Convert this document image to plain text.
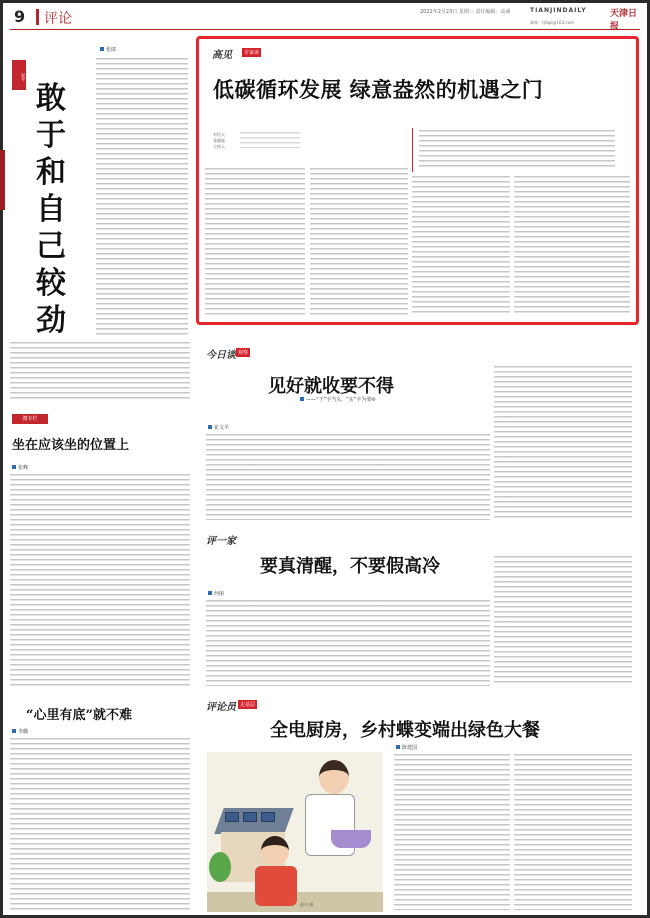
9 评论	2022年2月23日 星期三 责任编辑：高威	TIANJINDAILY	天津日报
邮箱：tjrbpl@163.com
思考
张郎
敢
于
和
自
己
较
劲
微专栏
坐在应该坐的位置上
张峰
“心里有底”就不难
李璐
高见	专家谈
低碳循环发展 绿意盎然的机遇之门
对话人：
张晓磊
主持人：
今日谈 观察
见好就收要不得
——“干”字当头，“实”字为要⑥
崔文平
评一家
要真清醒，不要假高冷
何丽
评论员 走基层
全电厨房，乡村蝶变端出绿色大餐
陈建国
赵川 画
